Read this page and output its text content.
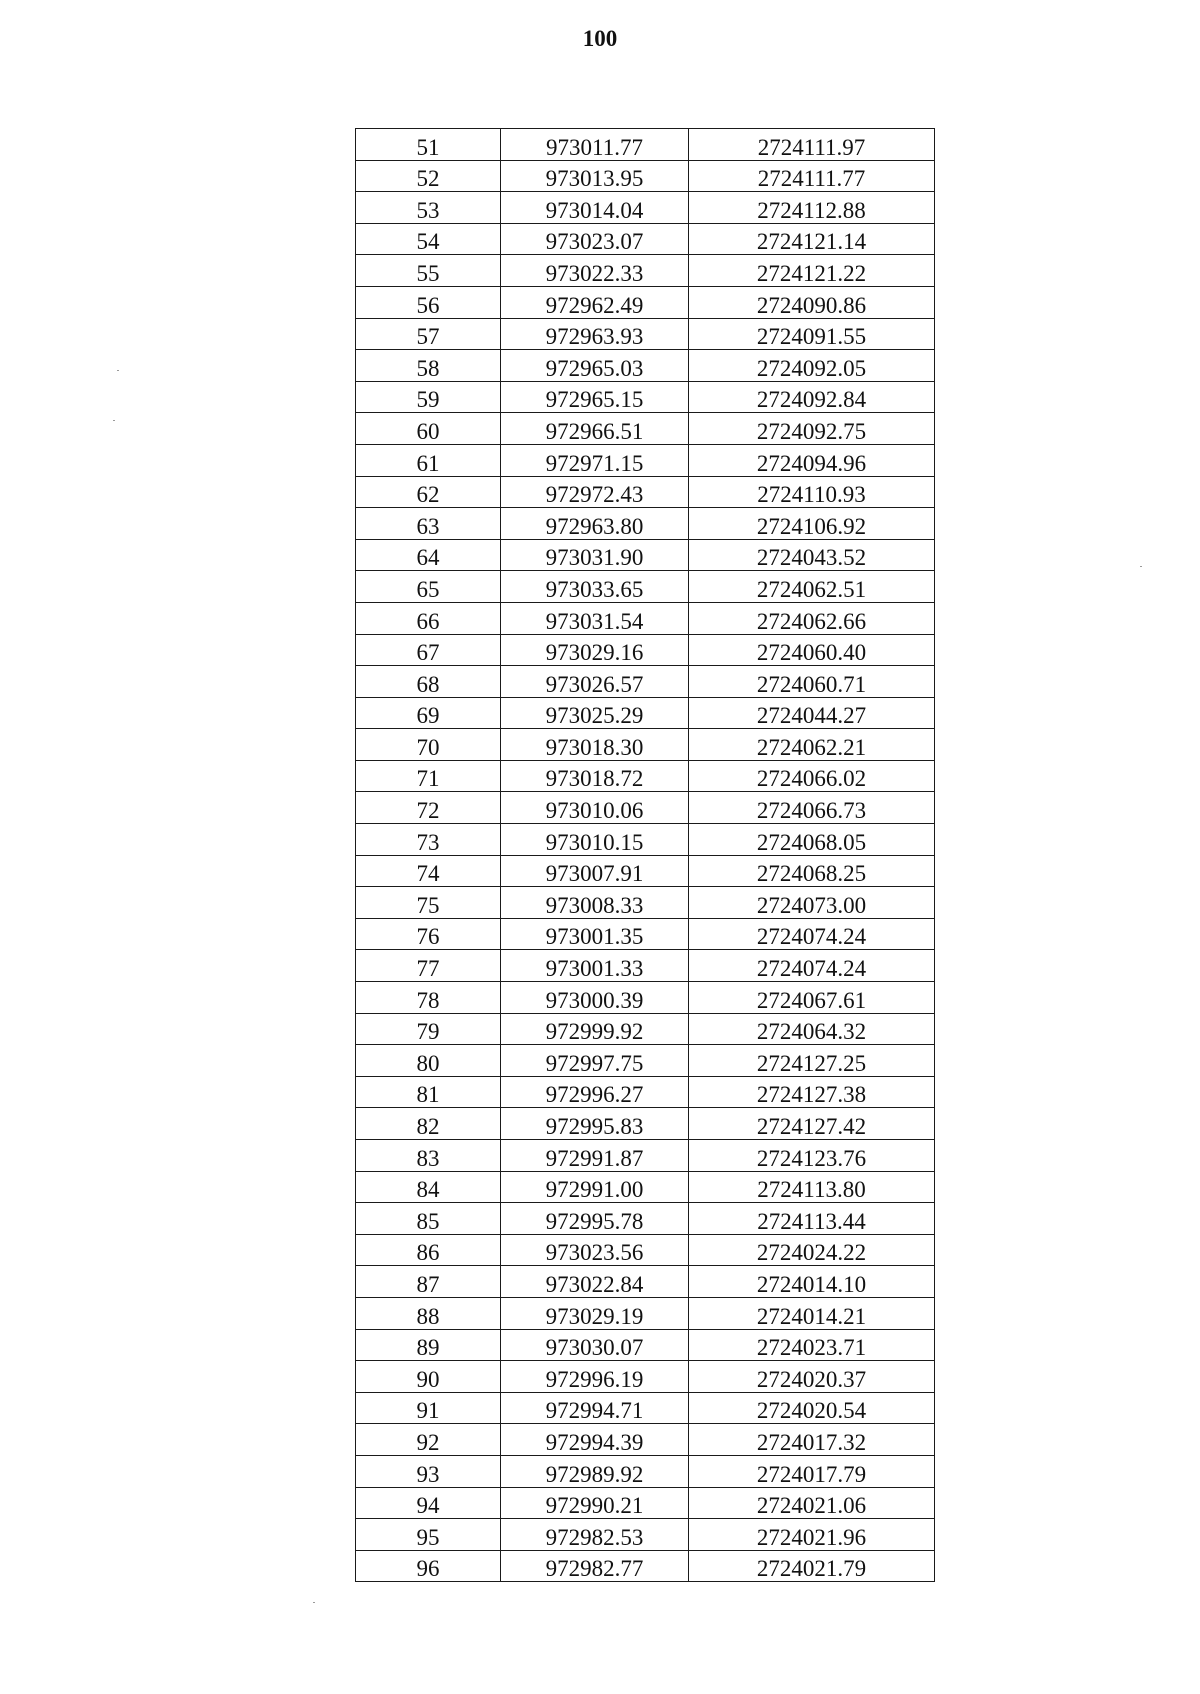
100
51	973011.77	2724111.97
52	973013.95	2724111.77
53	973014.04	2724112.88
54	973023.07	2724121.14
55	973022.33	2724121.22
56	972962.49	2724090.86
57	972963.93	2724091.55
58	972965.03	2724092.05
59	972965.15	2724092.84
60	972966.51	2724092.75
61	972971.15	2724094.96
62	972972.43	2724110.93
63	972963.80	2724106.92
64	973031.90	2724043.52
65	973033.65	2724062.51
66	973031.54	2724062.66
67	973029.16	2724060.40
68	973026.57	2724060.71
69	973025.29	2724044.27
70	973018.30	2724062.21
71	973018.72	2724066.02
72	973010.06	2724066.73
73	973010.15	2724068.05
74	973007.91	2724068.25
75	973008.33	2724073.00
76	973001.35	2724074.24
77	973001.33	2724074.24
78	973000.39	2724067.61
79	972999.92	2724064.32
80	972997.75	2724127.25
81	972996.27	2724127.38
82	972995.83	2724127.42
83	972991.87	2724123.76
84	972991.00	2724113.80
85	972995.78	2724113.44
86	973023.56	2724024.22
87	973022.84	2724014.10
88	973029.19	2724014.21
89	973030.07	2724023.71
90	972996.19	2724020.37
91	972994.71	2724020.54
92	972994.39	2724017.32
93	972989.92	2724017.79
94	972990.21	2724021.06
95	972982.53	2724021.96
96	972982.77	2724021.79
